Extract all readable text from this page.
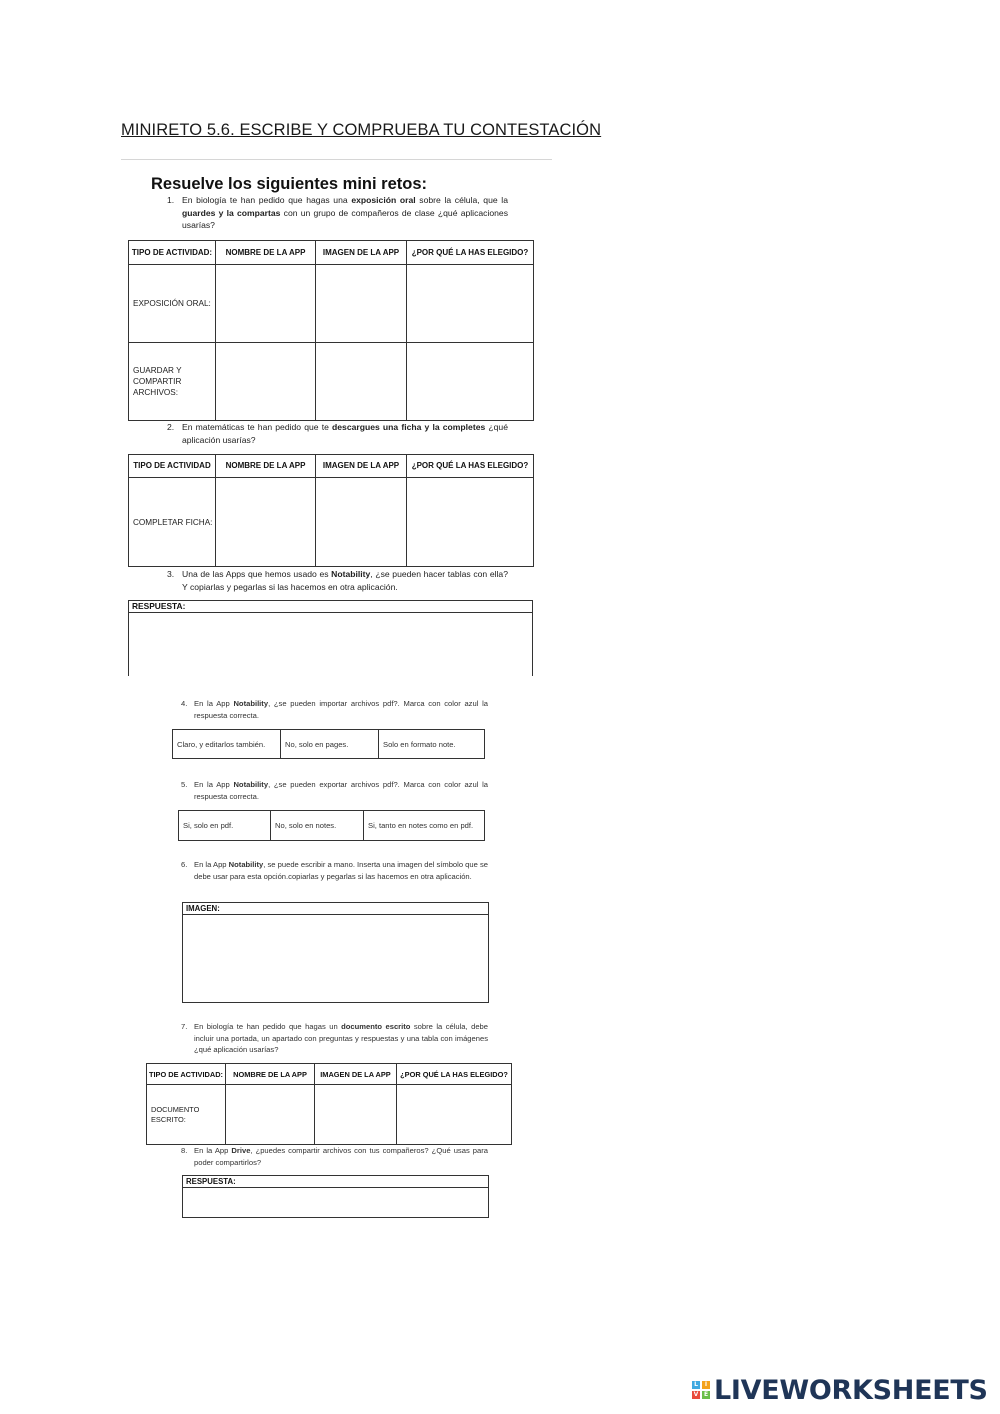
MINIRETO 5.6. ESCRIBE Y COMPRUEBA TU CONTESTACIÓN
Resuelve los siguientes mini retos:
1. En biología te han pedido que hagas una exposición oral sobre la célula, que la guardes y la compartas con un grupo de compañeros de clase ¿qué aplicaciones usarías?
TIPO DE ACTIVIDAD:	NOMBRE DE LA APP	IMAGEN DE LA APP	¿POR QUÉ LA HAS ELEGIDO?
EXPOSICIÓN ORAL:			
GUARDAR Y COMPARTIR ARCHIVOS:			
2. En matemáticas te han pedido que te descargues una ficha y la completes ¿qué aplicación usarías?
TIPO DE ACTIVIDAD	NOMBRE DE LA APP	IMAGEN DE LA APP	¿POR QUÉ LA HAS ELEGIDO?
COMPLETAR FICHA:			
3. Una de las Apps que hemos usado es Notability, ¿se pueden hacer tablas con ella? Y copiarlas y pegarlas si las hacemos en otra aplicación.
RESPUESTA:
4. En la App Notability, ¿se pueden importar archivos pdf?. Marca con color azul la respuesta correcta.
Claro, y editarlos también.	No, solo en pages.	Solo en formato note.
5. En la App Notability, ¿se pueden exportar archivos pdf?. Marca con color azul la respuesta correcta.
Si, solo en pdf.	No, solo en notes.	Si, tanto en notes como en pdf.
6. En la App Notability, se puede escribir a mano. Inserta una imagen del símbolo que se debe usar para esta opción.copiarlas y pegarlas si las hacemos en otra aplicación.
IMAGEN:
7. En biología te han pedido que hagas un documento escrito sobre la célula, debe incluir una portada, un apartado con preguntas y respuestas y una tabla con imágenes ¿qué aplicación usarías?
TIPO DE ACTIVIDAD:	NOMBRE DE LA APP	IMAGEN DE LA APP	¿POR QUÉ LA HAS ELEGIDO?
DOCUMENTO ESCRITO:			
8. En la App Drive, ¿puedes compartir archivos con tus compañeros? ¿Qué usas para poder compartirlos?
RESPUESTA:
L	I
V E LIVEWORKSHEETS
